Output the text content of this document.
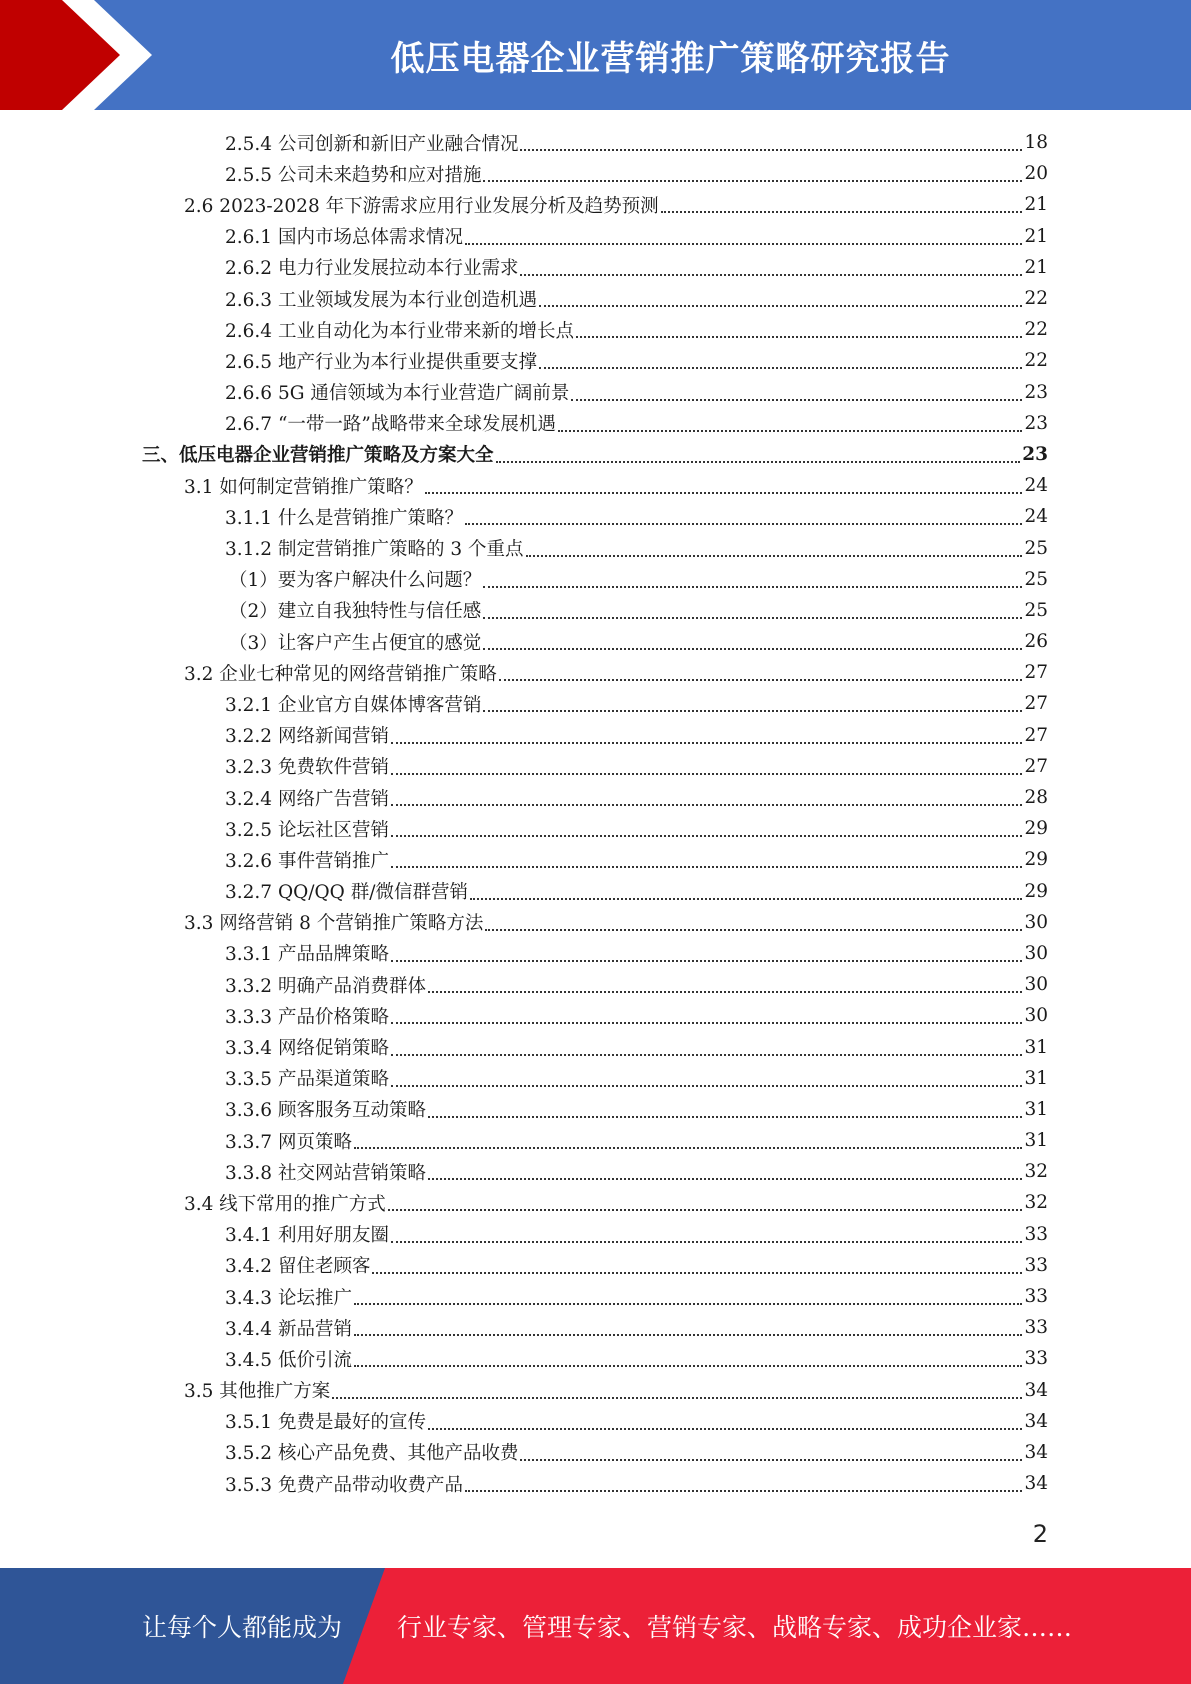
低压电器企业营销推广策略研究报告
2.5.4 公司创新和新旧产业融合情况	18
2.5.5 公司未来趋势和应对措施	20
2.6 2023-2028 年下游需求应用行业发展分析及趋势预测	21
2.6.1 国内市场总体需求情况	21
2.6.2 电力行业发展拉动本行业需求	21
2.6.3 工业领域发展为本行业创造机遇	22
2.6.4 工业自动化为本行业带来新的增长点	22
2.6.5 地产行业为本行业提供重要支撑	22
2.6.6 5G 通信领域为本行业营造广阔前景	23
2.6.7 “一带一路”战略带来全球发展机遇	23
三、低压电器企业营销推广策略及方案大全	23
3.1 如何制定营销推广策略？	24
3.1.1 什么是营销推广策略？	24
3.1.2 制定营销推广策略的 3 个重点	25
（1）要为客户解决什么问题？	25
（2）建立自我独特性与信任感	25
（3）让客户产生占便宜的感觉	26
3.2 企业七种常见的网络营销推广策略	27
3.2.1 企业官方自媒体博客营销	27
3.2.2 网络新闻营销	27
3.2.3 免费软件营销	27
3.2.4 网络广告营销	28
3.2.5 论坛社区营销	29
3.2.6 事件营销推广	29
3.2.7 QQ/QQ 群/微信群营销	29
3.3 网络营销 8 个营销推广策略方法	30
3.3.1 产品品牌策略	30
3.3.2 明确产品消费群体	30
3.3.3 产品价格策略	30
3.3.4 网络促销策略	31
3.3.5 产品渠道策略	31
3.3.6 顾客服务互动策略	31
3.3.7 网页策略	31
3.3.8 社交网站营销策略	32
3.4 线下常用的推广方式	32
3.4.1 利用好朋友圈	33
3.4.2 留住老顾客	33
3.4.3 论坛推广	33
3.4.4 新品营销	33
3.4.5 低价引流	33
3.5 其他推广方案	34
3.5.1 免费是最好的宣传	34
3.5.2 核心产品免费、其他产品收费	34
3.5.3 免费产品带动收费产品	34
2
让每个人都能成为 行业专家、管理专家、营销专家、战略专家、成功企业家……
